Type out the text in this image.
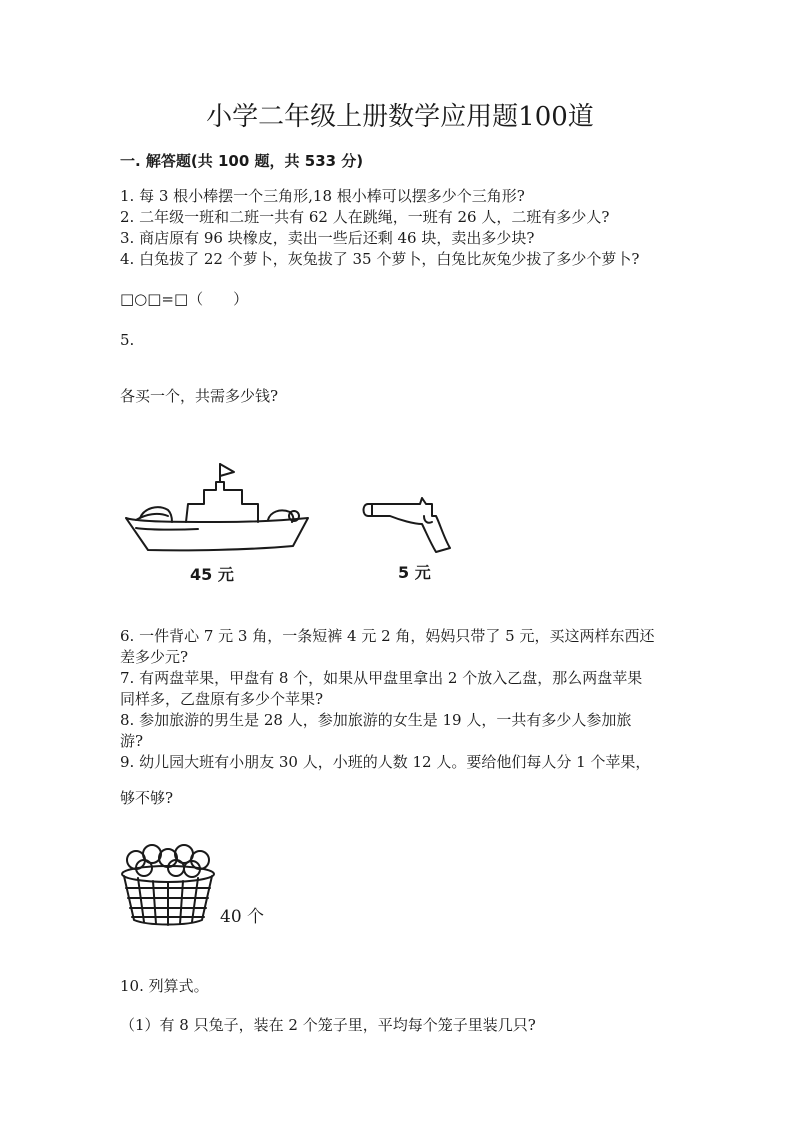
小学二年级上册数学应用题100道
一. 解答题(共 100 题，共 533 分)
1. 每 3 根小棒摆一个三角形,18 根小棒可以摆多少个三角形?
2. 二年级一班和二班一共有 62 人在跳绳，一班有 26 人，二班有多少人?
3. 商店原有 96 块橡皮，卖出一些后还剩 46 块，卖出多少块?
4. 白兔拔了 22 个萝卜，灰兔拔了 35 个萝卜，白兔比灰兔少拔了多少个萝卜?
□○□=□（　　）
5.
各买一个，共需多少钱?
45 元	5 元
6. 一件背心 7 元 3 角，一条短裤 4 元 2 角，妈妈只带了 5 元，买这两样东西还
差多少元?
7. 有两盘苹果，甲盘有 8 个，如果从甲盘里拿出 2 个放入乙盘，那么两盘苹果
同样多，乙盘原有多少个苹果?
8. 参加旅游的男生是 28 人，参加旅游的女生是 19 人，一共有多少人参加旅
游?
9. 幼儿园大班有小朋友 30 人，小班的人数 12 人。要给他们每人分 1 个苹果，
够不够?
40 个
10. 列算式。
（1）有 8 只兔子，装在 2 个笼子里，平均每个笼子里装几只?
